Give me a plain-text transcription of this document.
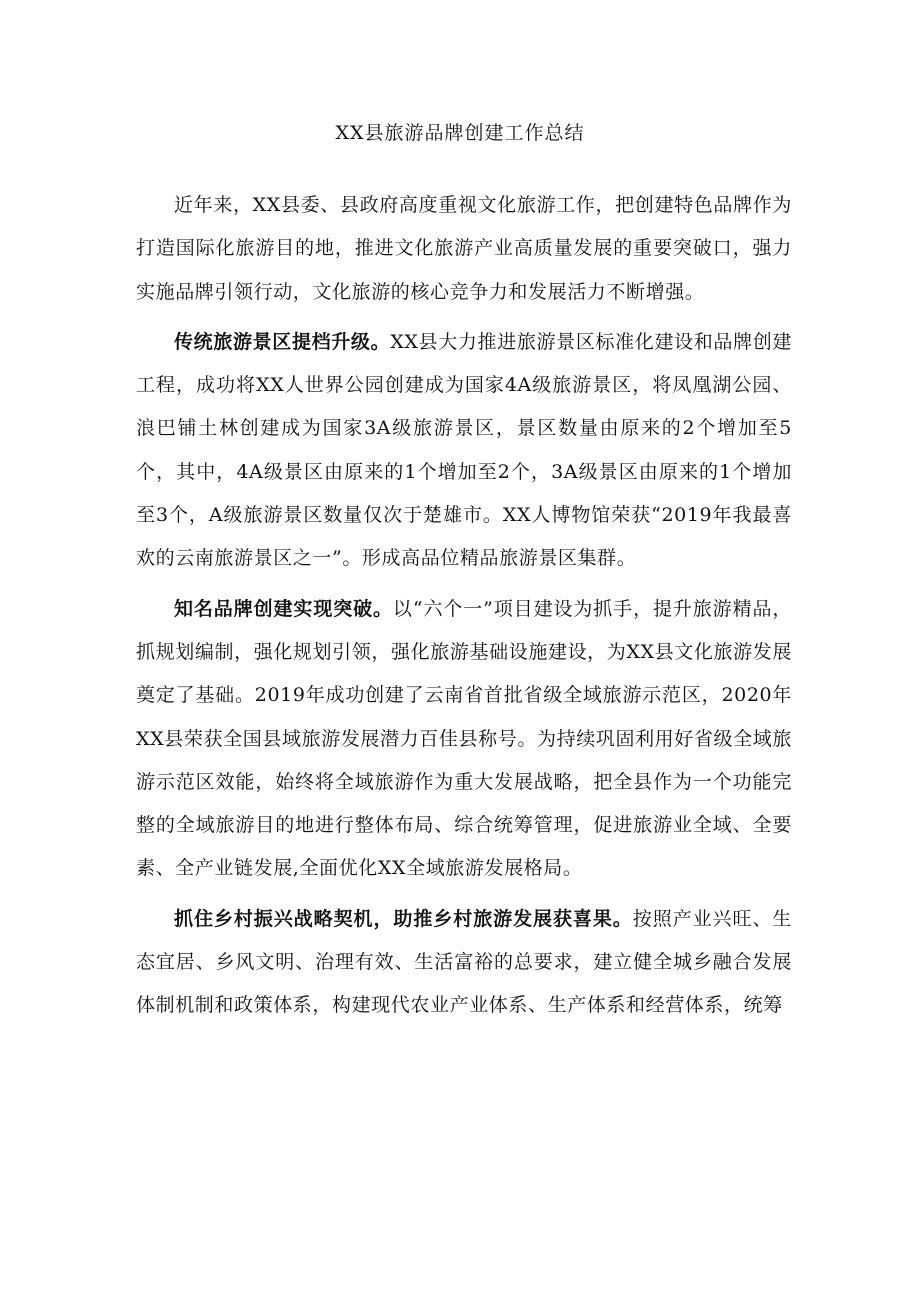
XX县旅游品牌创建工作总结

近年来，XX县委、县政府高度重视文化旅游工作，把创建特色品牌作为打造国际化旅游目的地，推进文化旅游产业高质量发展的重要突破口，强力实施品牌引领行动，文化旅游的核心竞争力和发展活力不断增强。

传统旅游景区提档升级。XX县大力推进旅游景区标准化建设和品牌创建工程，成功将XX人世界公园创建成为国家4A级旅游景区，将凤凰湖公园、浪巴铺土林创建成为国家3A级旅游景区，景区数量由原来的2个增加至5个，其中，4A级景区由原来的1个增加至2个，3A级景区由原来的1个增加至3个，A级旅游景区数量仅次于楚雄市。XX人博物馆荣获“2019年我最喜欢的云南旅游景区之一”。形成高品位精品旅游景区集群。

知名品牌创建实现突破。以“六个一”项目建设为抓手，提升旅游精品，抓规划编制，强化规划引领，强化旅游基础设施建设，为XX县文化旅游发展奠定了基础。2019年成功创建了云南省首批省级全域旅游示范区，2020年XX县荣获全国县域旅游发展潜力百佳县称号。为持续巩固利用好省级全域旅游示范区效能，始终将全域旅游作为重大发展战略，把全县作为一个功能完整的全域旅游目的地进行整体布局、综合统筹管理，促进旅游业全域、全要素、全产业链发展,全面优化XX全域旅游发展格局。

抓住乡村振兴战略契机，助推乡村旅游发展获喜果。按照产业兴旺、生态宜居、乡风文明、治理有效、生活富裕的总要求，建立健全城乡融合发展体制机制和政策体系，构建现代农业产业体系、生产体系和经营体系，统筹
